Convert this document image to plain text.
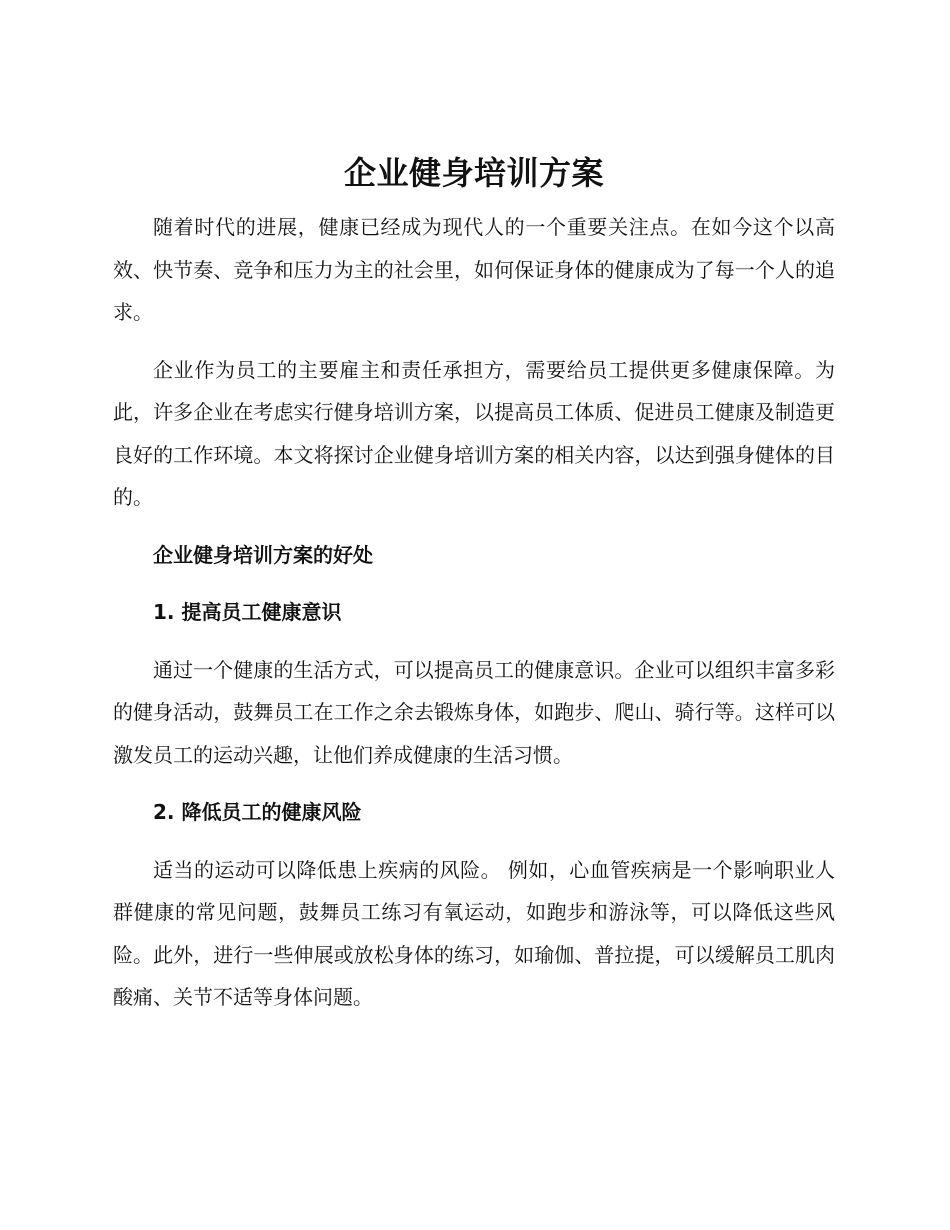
企业健身培训方案

随着时代的进展，健康已经成为现代人的一个重要关注点。在如今这个以高效、快节奏、竞争和压力为主的社会里，如何保证身体的健康成为了每一个人的追求。

企业作为员工的主要雇主和责任承担方，需要给员工提供更多健康保障。为此，许多企业在考虑实行健身培训方案，以提高员工体质、促进员工健康及制造更良好的工作环境。本文将探讨企业健身培训方案的相关内容，以达到强身健体的目的。

企业健身培训方案的好处

1. 提高员工健康意识

通过一个健康的生活方式，可以提高员工的健康意识。企业可以组织丰富多彩的健身活动，鼓舞员工在工作之余去锻炼身体，如跑步、爬山、骑行等。这样可以激发员工的运动兴趣，让他们养成健康的生活习惯。

2. 降低员工的健康风险

适当的运动可以降低患上疾病的风险。 例如，心血管疾病是一个影响职业人群健康的常见问题，鼓舞员工练习有氧运动，如跑步和游泳等，可以降低这些风险。此外，进行一些伸展或放松身体的练习，如瑜伽、普拉提，可以缓解员工肌肉酸痛、关节不适等身体问题。
